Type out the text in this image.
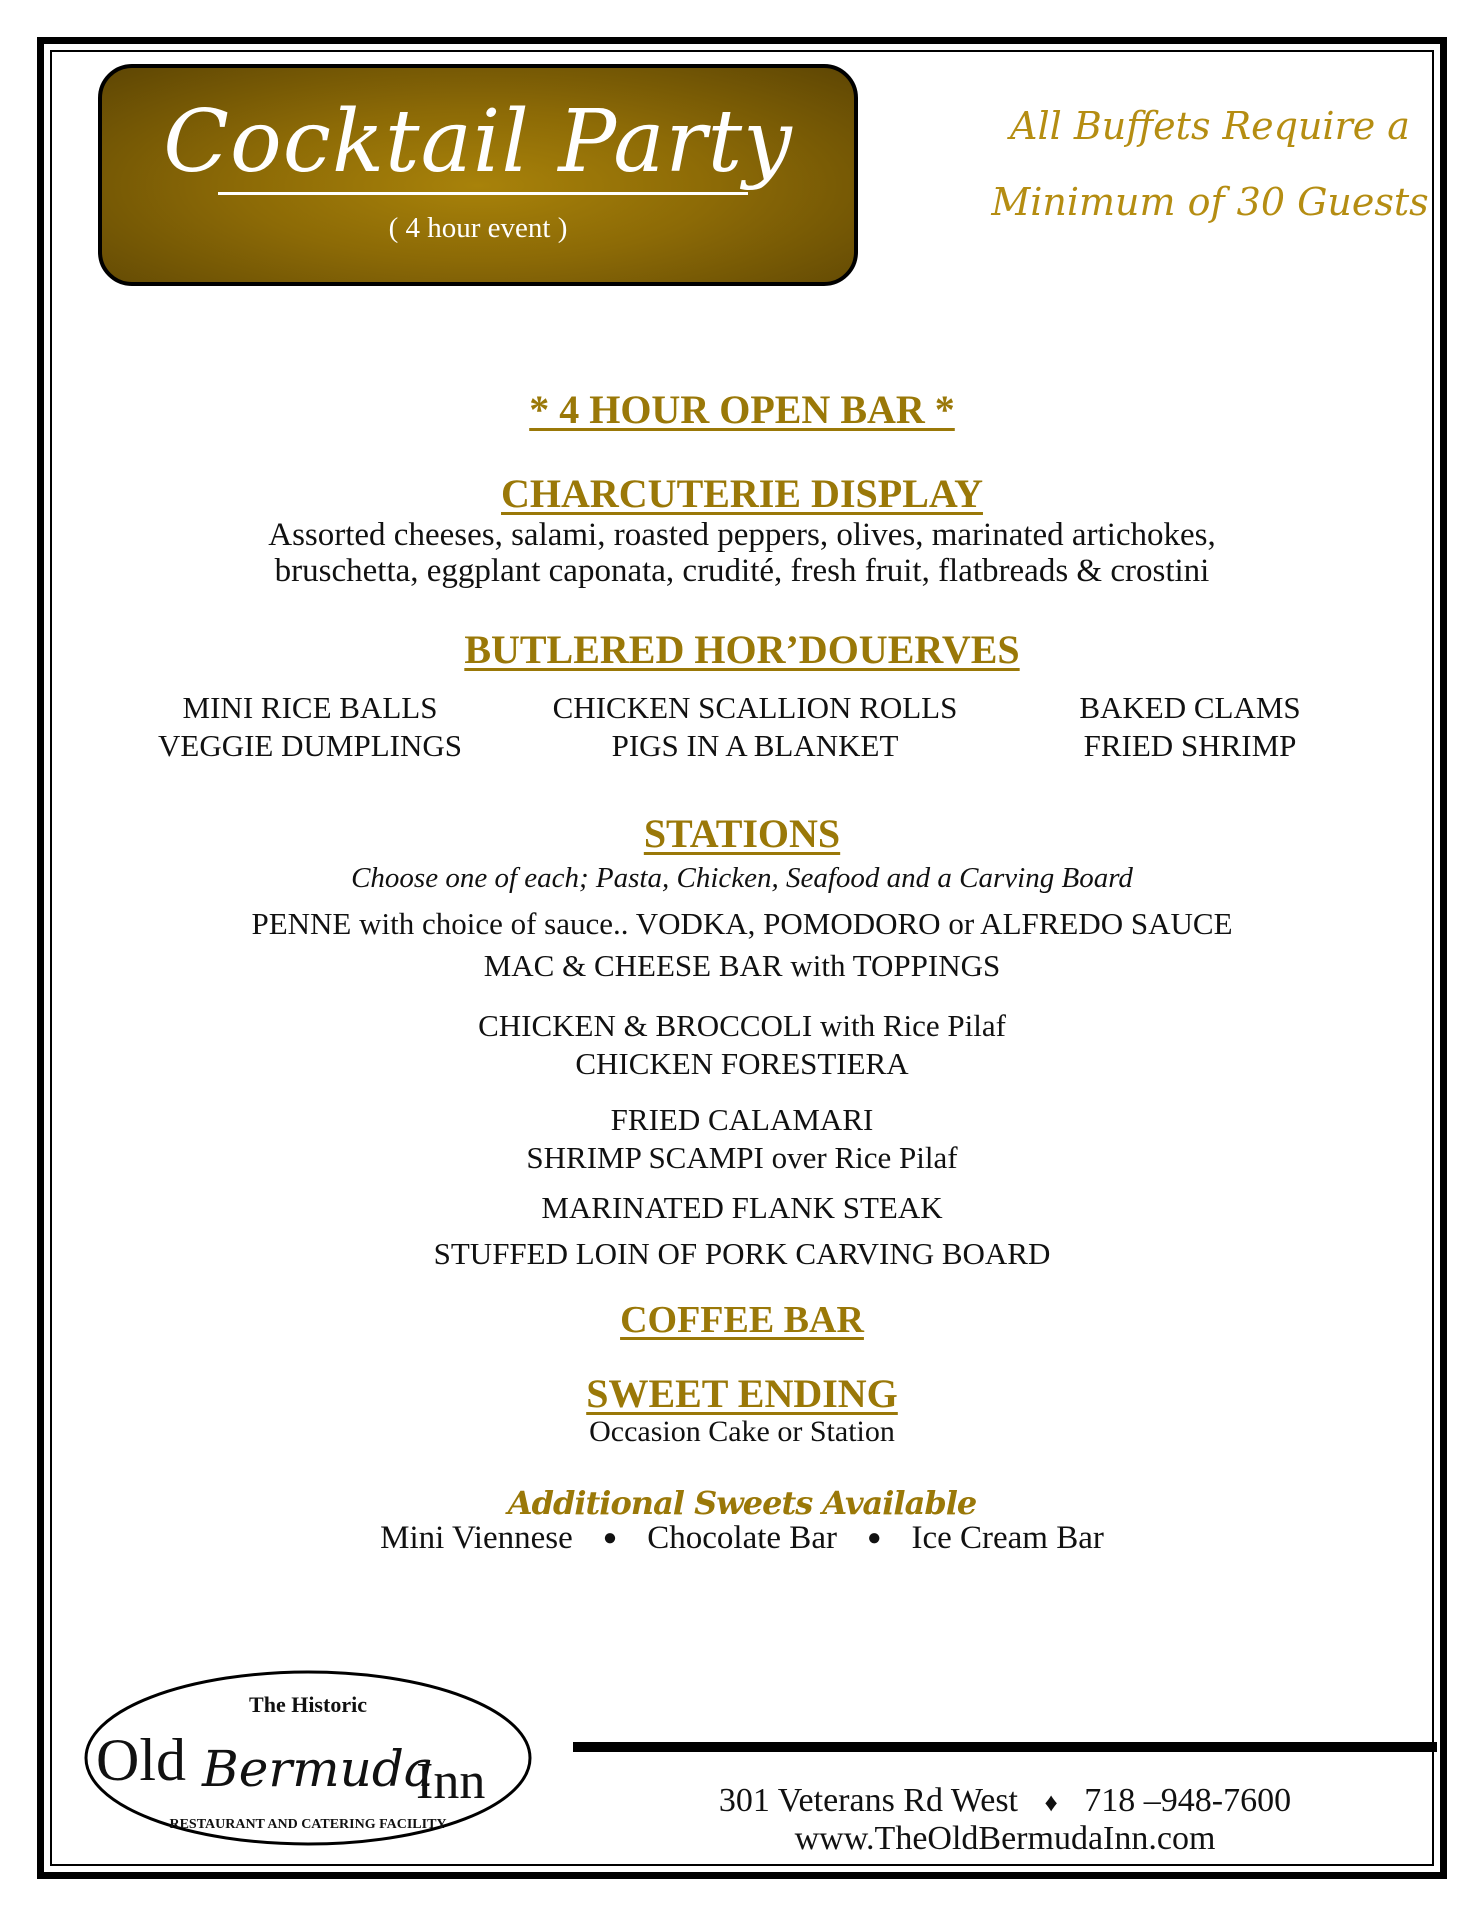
Cocktail Party
( 4 hour event )
All Buffets Require a
Minimum of 30 Guests
* 4 HOUR OPEN BAR *
CHARCUTERIE DISPLAY
Assorted cheeses, salami, roasted peppers, olives, marinated artichokes,
bruschetta, eggplant caponata, crudité, fresh fruit, flatbreads & crostini
BUTLERED HOR’DOUERVES
MINI RICE BALLS
VEGGIE DUMPLINGS
CHICKEN SCALLION ROLLS
PIGS IN A BLANKET
BAKED CLAMS
FRIED SHRIMP
STATIONS
Choose one of each; Pasta, Chicken, Seafood and a Carving Board
PENNE with choice of sauce.. VODKA, POMODORO or ALFREDO SAUCE
MAC & CHEESE BAR with TOPPINGS
CHICKEN & BROCCOLI with Rice Pilaf
CHICKEN FORESTIERA
FRIED CALAMARI
SHRIMP SCAMPI over Rice Pilaf
MARINATED FLANK STEAK
STUFFED LOIN OF PORK CARVING BOARD
COFFEE BAR
SWEET ENDING
Occasion Cake or Station
Additional Sweets Available
Mini Viennese ● Chocolate Bar ● Ice Cream Bar
The Historic
Old Bermuda
Inn
RESTAURANT AND CATERING FACILITY
301 Veterans Rd West ♦ 718 –948-7600
www.TheOldBermudaInn.com
